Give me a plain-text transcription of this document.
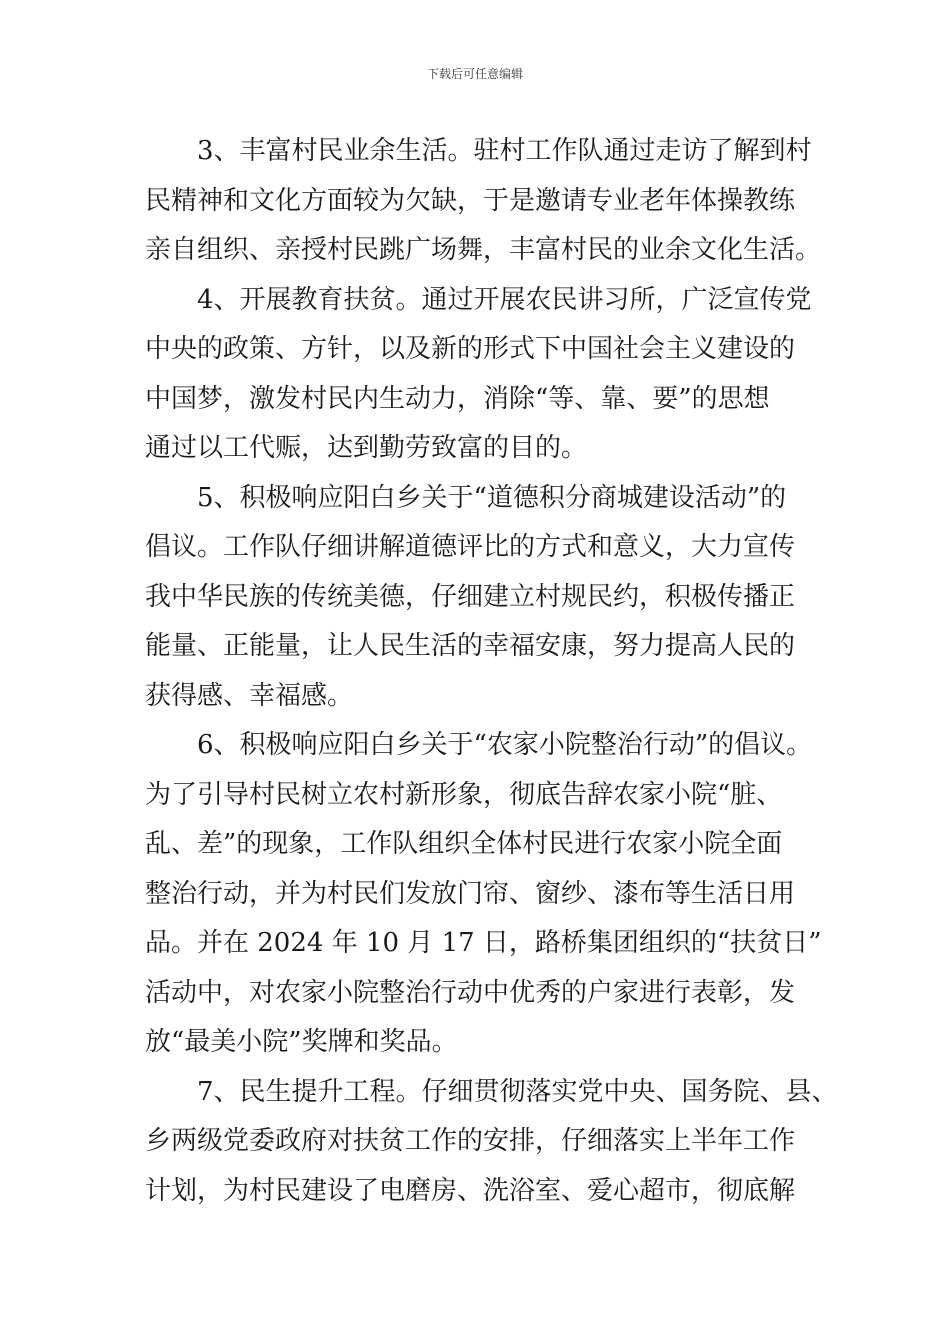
下载后可任意编辑
3、丰富村民业余生活。驻村工作队通过走访了解到村
民精神和文化方面较为欠缺，于是邀请专业老年体操教练
亲自组织、亲授村民跳广场舞，丰富村民的业余文化生活。
4、开展教育扶贫。通过开展农民讲习所，广泛宣传党
中央的政策、方针，以及新的形式下中国社会主义建设的
中国梦，激发村民内生动力，消除“等、靠、要”的思想
通过以工代赈，达到勤劳致富的目的。
5、积极响应阳白乡关于“道德积分商城建设活动”的
倡议。工作队仔细讲解道德评比的方式和意义，大力宣传
我中华民族的传统美德，仔细建立村规民约，积极传播正
能量、正能量，让人民生活的幸福安康，努力提高人民的
获得感、幸福感。
6、积极响应阳白乡关于“农家小院整治行动”的倡议。
为了引导村民树立农村新形象，彻底告辞农家小院“脏、
乱、差”的现象，工作队组织全体村民进行农家小院全面
整治行动，并为村民们发放门帘、窗纱、漆布等生活日用
品。并在 2024 年 10 月 17 日，路桥集团组织的“扶贫日”
活动中，对农家小院整治行动中优秀的户家进行表彰，发
放“最美小院”奖牌和奖品。
7、民生提升工程。仔细贯彻落实党中央、国务院、县、
乡两级党委政府对扶贫工作的安排，仔细落实上半年工作
计划，为村民建设了电磨房、洗浴室、爱心超市，彻底解
